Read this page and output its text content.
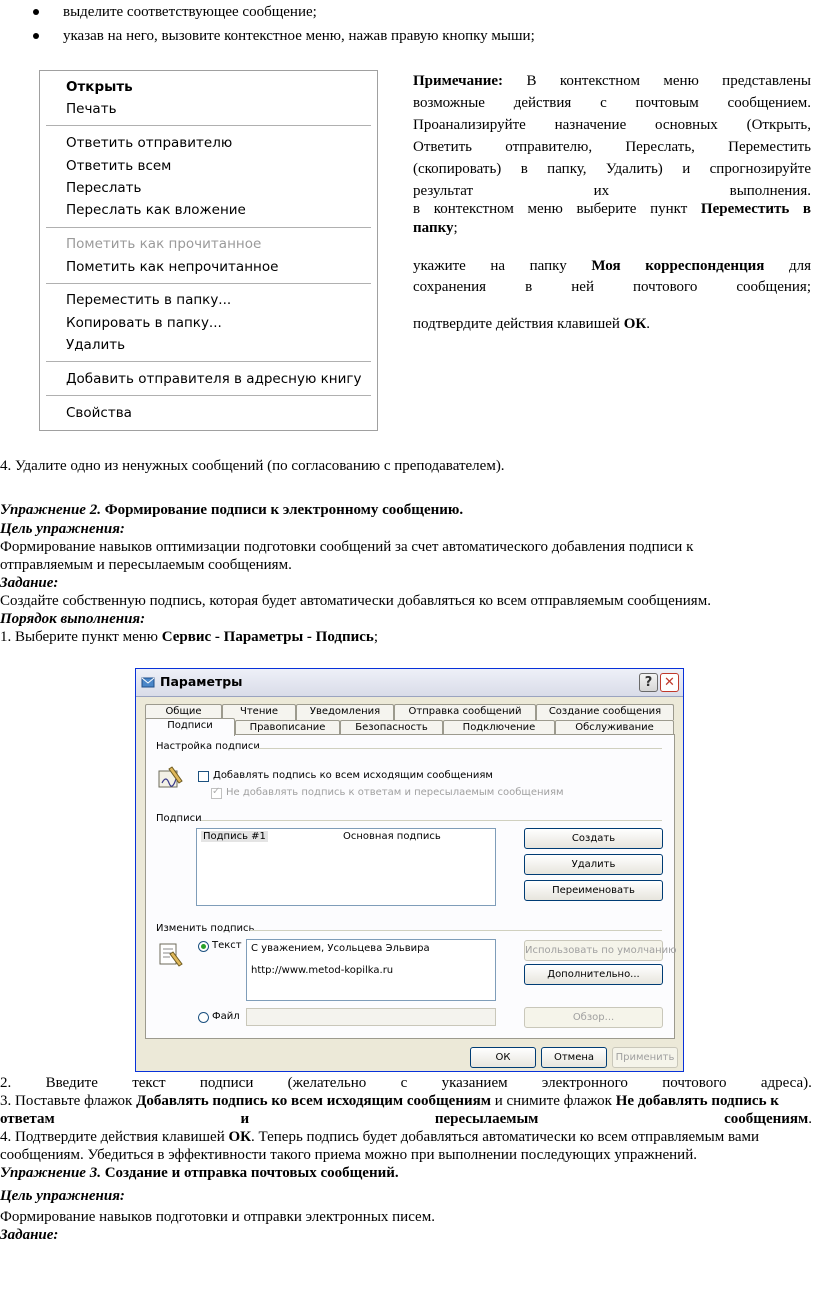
выделите соответствующее сообщение;
указав на него, вызовите контекстное меню, нажав правую кнопку мыши;
Открыть
Печать
Ответить отправителю
Ответить всем
Переслать
Переслать как вложение
Пометить как прочитанное
Пометить как непрочитанное
Переместить в папку...
Копировать в папку...
Удалить
Добавить отправителя в адресную книгу
Свойства
Примечание: В контекстном меню представлены
возможные действия с почтовым сообщением.
Проанализируйте назначение основных (Открыть,
Ответить отправителю, Переслать, Переместить
(скопировать) в папку, Удалить) и спрогнозируйте
результат их выполнения.
в контекстном меню выберите пункт Переместить в
папку;
укажите на папку Моя корреспонденция для
сохранения в ней почтового сообщения;
подтвердите действия клавишей ОК.
4. Удалите одно из ненужных сообщений (по согласованию с преподавателем).
Упражнение 2. Формирование подписи к электронному сообщению.
Цель упражнения:
Формирование навыков оптимизации подготовки сообщений за счет автоматического добавления подписи к
отправляемым и пересылаемым сообщениям.
Задание:
Создайте собственную подпись, которая будет автоматически добавляться ко всем отправляемым сообщениям.
Порядок выполнения:
1. Выберите пункт меню Сервис - Параметры - Подпись;
Параметры	? ✕
Общие	Чтение	Уведомления	Отправка сообщений	Создание сообщения
Подписи	Правописание	Безопасность	Подключение	Обслуживание
Настройка подписи
Добавлять подпись ко всем исходящим сообщениям
✓
Не добавлять подпись к ответам и пересылаемым сообщениям
Подписи
Подпись #1	Основная подпись	Создать
Удалить
Переименовать
Изменить подпись
Текст С уважением, Усольцева Эльвира
http://www.metod-kopilka.ru
Использовать по умолчанию
Дополнительно...
Файл	Обзор...
ОК	Отмена	Применить
2. Введите текст подписи (желательно с указанием электронного почтового адреса).
3. Поставьте флажок Добавлять подпись ко всем исходящим сообщениям и снимите флажок Не добавлять подпись к
ответам	и	пересылаемым	сообщениям.
4. Подтвердите действия клавишей ОК. Теперь подпись будет добавляться автоматически ко всем отправляемым вами
сообщениям. Убедиться в эффективности такого приема можно при выполнении последующих упражнений.
Упражнение 3. Создание и отправка почтовых сообщений.
Цель упражнения:
Формирование навыков подготовки и отправки электронных писем.
Задание:
